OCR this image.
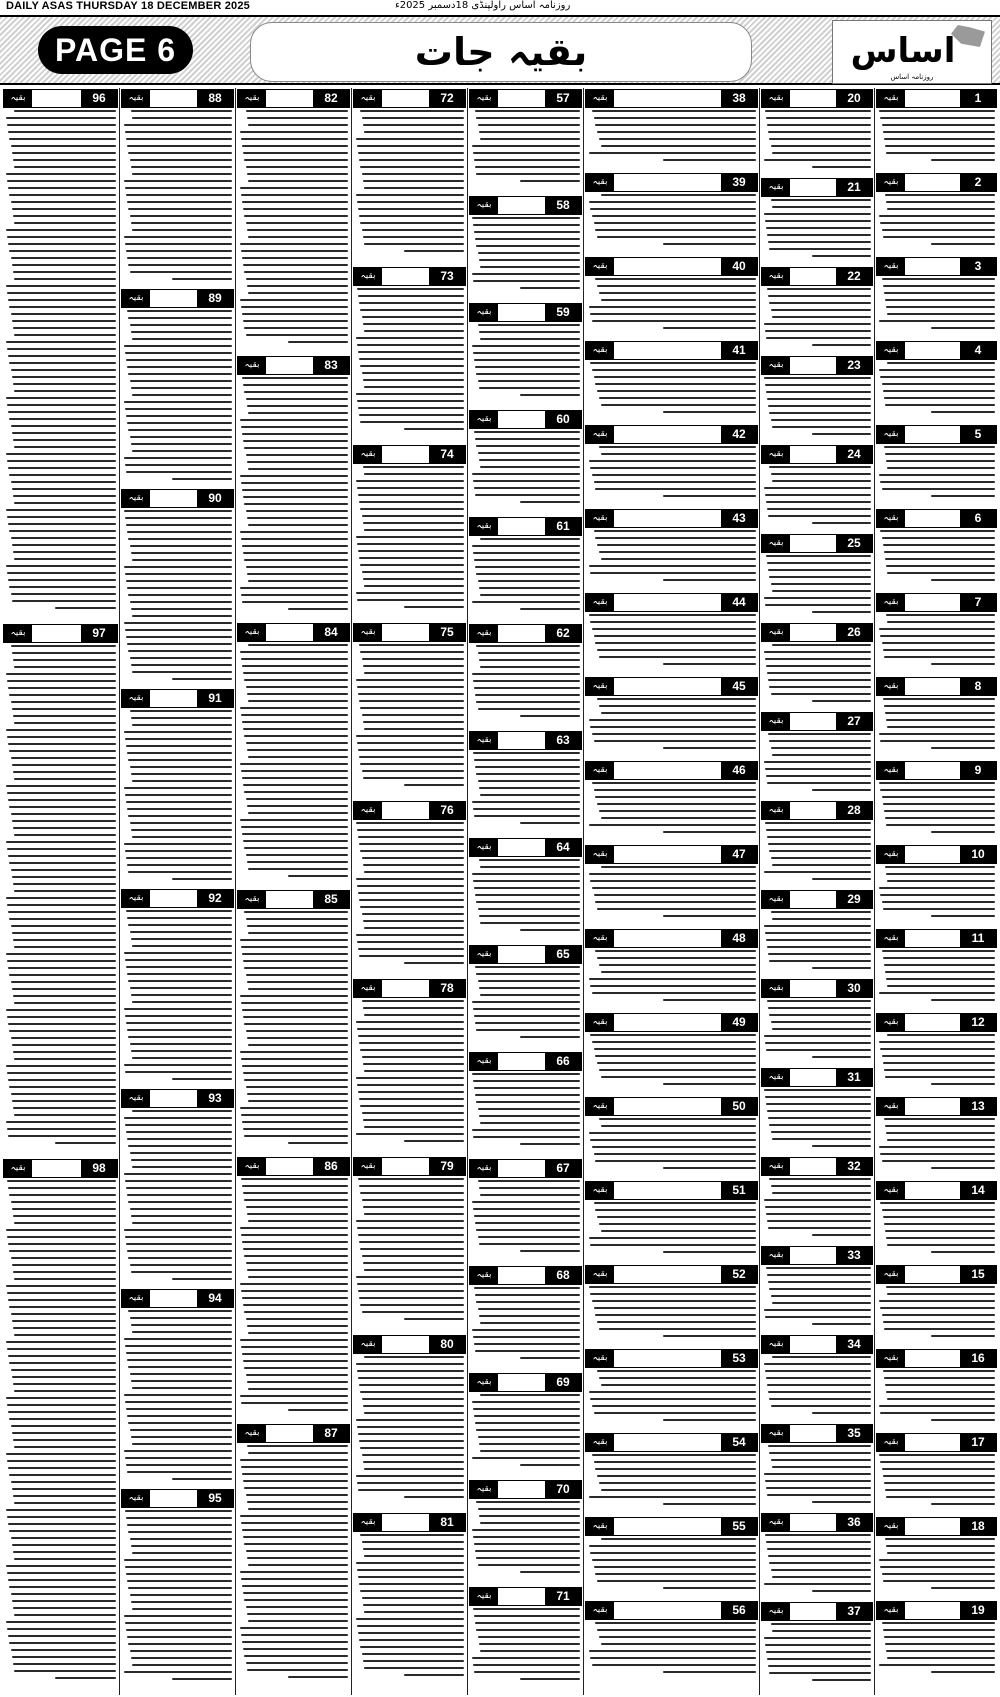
DAILY ASAS THURSDAY 18 DECEMBER 2025	روزنامہ اساس راولپنڈی 18دسمبر 2025ء
PAGE 6	بقیہ جات	اساس
روزنامہ اساس
96
بقیہ
97
بقیہ
98
بقیہ
88
بقیہ
89
بقیہ
90
بقیہ
91
بقیہ
92
بقیہ
93
بقیہ
94
بقیہ
95
بقیہ
82
بقیہ
83
بقیہ
84
بقیہ
85
بقیہ
86
بقیہ
87
بقیہ
72
بقیہ
73
بقیہ
74
بقیہ
75
بقیہ
76
بقیہ
78
بقیہ
79
بقیہ
80
بقیہ
81
بقیہ
57
بقیہ
58
بقیہ
59
بقیہ
60
بقیہ
61
بقیہ
62
بقیہ
63
بقیہ
64
بقیہ
65
بقیہ
66
بقیہ
67
بقیہ
68
بقیہ
69
بقیہ
70
بقیہ
71
بقیہ
38
بقیہ
39
بقیہ
40
بقیہ
41
بقیہ
42
بقیہ
43
بقیہ
44
بقیہ
45
بقیہ
46
بقیہ
47
بقیہ
48
بقیہ
49
بقیہ
50
بقیہ
51
بقیہ
52
بقیہ
53
بقیہ
54
بقیہ
55
بقیہ
56
بقیہ
20
بقیہ
21
بقیہ
22
بقیہ
23
بقیہ
24
بقیہ
25
بقیہ
26
بقیہ
27
بقیہ
28
بقیہ
29
بقیہ
30
بقیہ
31
بقیہ
32
بقیہ
33
بقیہ
34
بقیہ
35
بقیہ
36
بقیہ
37
بقیہ
1
بقیہ
2
بقیہ
3
بقیہ
4
بقیہ
5
بقیہ
6
بقیہ
7
بقیہ
8
بقیہ
9
بقیہ
10
بقیہ
11
بقیہ
12
بقیہ
13
بقیہ
14
بقیہ
15
بقیہ
16
بقیہ
17
بقیہ
18
بقیہ
19
بقیہ
